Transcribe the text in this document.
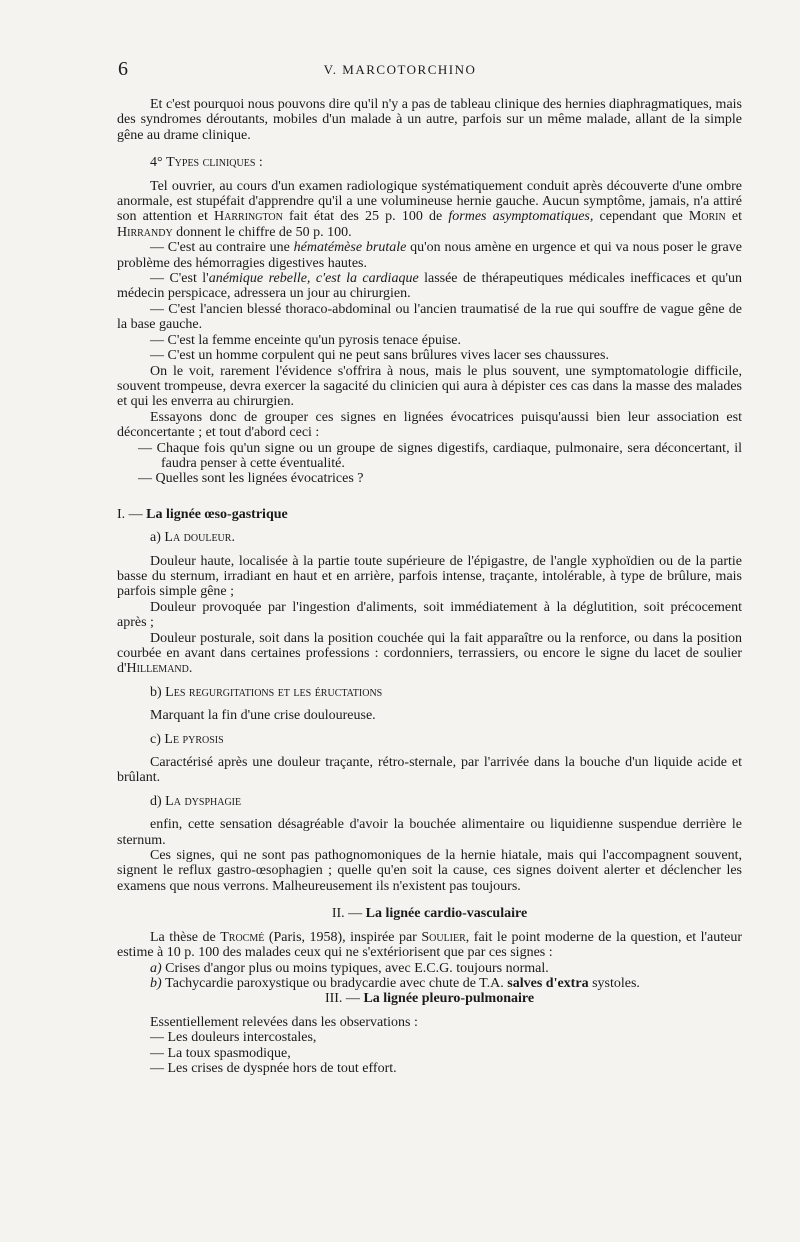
6	V. MARCOTORCHINO

Et c'est pourquoi nous pouvons dire qu'il n'y a pas de tableau clinique des hernies diaphragmatiques, mais des syndromes déroutants, mobiles d'un malade à un autre, parfois sur un même malade, allant de la simple gêne au drame clinique.

4° Types cliniques :

Tel ouvrier, au cours d'un examen radiologique systématiquement conduit après découverte d'une ombre anormale, est stupéfait d'apprendre qu'il a une volumineuse hernie gauche. Aucun symptôme, jamais, n'a attiré son attention et Harrington fait état des 25 p. 100 de formes asymptomatiques, cependant que Morin et Hirrandy donnent le chiffre de 50 p. 100.

— C'est au contraire une hématémèse brutale qu'on nous amène en urgence et qui va nous poser le grave problème des hémorragies digestives hautes.

— C'est l'anémique rebelle, c'est la cardiaque lassée de thérapeutiques médicales inefficaces et qu'un médecin perspicace, adressera un jour au chirurgien.

— C'est l'ancien blessé thoraco-abdominal ou l'ancien traumatisé de la rue qui souffre de vague gêne de la base gauche.

— C'est la femme enceinte qu'un pyrosis tenace épuise.

— C'est un homme corpulent qui ne peut sans brûlures vives lacer ses chaussures.

On le voit, rarement l'évidence s'offrira à nous, mais le plus souvent, une symptomatologie difficile, souvent trompeuse, devra exercer la sagacité du clinicien qui aura à dépister ces cas dans la masse des malades et qui les enverra au chirurgien.

Essayons donc de grouper ces signes en lignées évocatrices puisqu'aussi bien leur association est déconcertante ; et tout d'abord ceci :

— Chaque fois qu'un signe ou un groupe de signes digestifs, cardiaque, pulmonaire, sera déconcertant, il faudra penser à cette éventualité.

— Quelles sont les lignées évocatrices ?

I. — La lignée œso-gastrique

a) La douleur.

Douleur haute, localisée à la partie toute supérieure de l'épigastre, de l'angle xyphoïdien ou de la partie basse du sternum, irradiant en haut et en arrière, parfois intense, traçante, intolérable, à type de brûlure, mais parfois simple gêne ;

Douleur provoquée par l'ingestion d'aliments, soit immédiatement à la déglutition, soit précocement après ;

Douleur posturale, soit dans la position couchée qui la fait apparaître ou la renforce, ou dans la position courbée en avant dans certaines professions : cordonniers, terrassiers, ou encore le signe du lacet de soulier d'Hillemand.

b) Les regurgitations et les éructations

Marquant la fin d'une crise douloureuse.

c) Le pyrosis

Caractérisé après une douleur traçante, rétro-sternale, par l'arrivée dans la bouche d'un liquide acide et brûlant.

d) La dysphagie

enfin, cette sensation désagréable d'avoir la bouchée alimentaire ou liquidienne suspendue derrière le sternum.

Ces signes, qui ne sont pas pathognomoniques de la hernie hiatale, mais qui l'accompagnent souvent, signent le reflux gastro-œsophagien ; quelle qu'en soit la cause, ces signes doivent alerter et déclencher les examens que nous verrons. Malheureusement ils n'existent pas toujours.

II. — La lignée cardio-vasculaire

La thèse de Trocmé (Paris, 1958), inspirée par Soulier, fait le point moderne de la question, et l'auteur estime à 10 p. 100 des malades ceux qui ne s'extériorisent que par ces signes :

a) Crises d'angor plus ou moins typiques, avec E.C.G. toujours normal.

b) Tachycardie paroxystique ou bradycardie avec chute de T.A. salves d'extra systoles.

III. — La lignée pleuro-pulmonaire

Essentiellement relevées dans les observations :

— Les douleurs intercostales,

— La toux spasmodique,

— Les crises de dyspnée hors de tout effort.
